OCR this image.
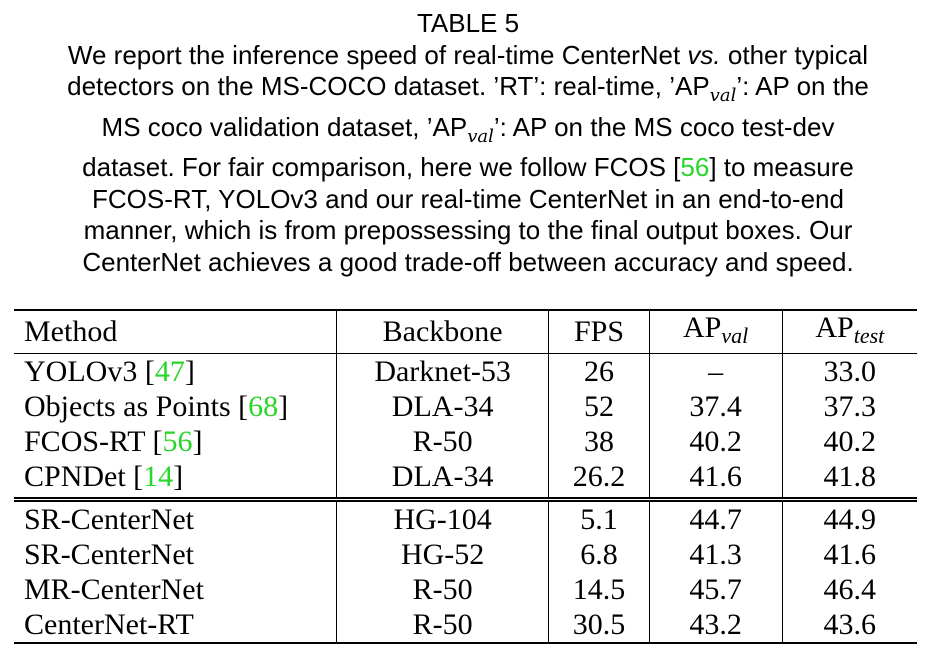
TABLE 5
We report the inference speed of real-time CenterNet vs. other typical
detectors on the MS-COCO dataset. ’RT’: real-time, $’AP_{val}$’: AP on the
MS coco validation dataset, $’AP_{val}$’: AP on the MS coco test-dev
dataset. For fair comparison, here we follow FCOS [56] to measure
FCOS-RT, YOLOv3 and our real-time CenterNet in an end-to-end
manner, which is from prepossessing to the final output boxes. Our
CenterNet achieves a good trade-off between accuracy and speed.
Method	Backbone	FPS	$AP_{val}$	$AP_{test}$
YOLOv3 [47]	Darknet-53	26	–	33.0
Objects as Points [68]	DLA-34	52	37.4	37.3
FCOS-RT [56]	R-50	38	40.2	40.2
CPNDet [14]	DLA-34	26.2	41.6	41.8
SR-CenterNet	HG-104	5.1	44.7	44.9
SR-CenterNet	HG-52	6.8	41.3	41.6
MR-CenterNet	R-50	14.5	45.7	46.4
CenterNet-RT	R-50	30.5	43.2	43.6
